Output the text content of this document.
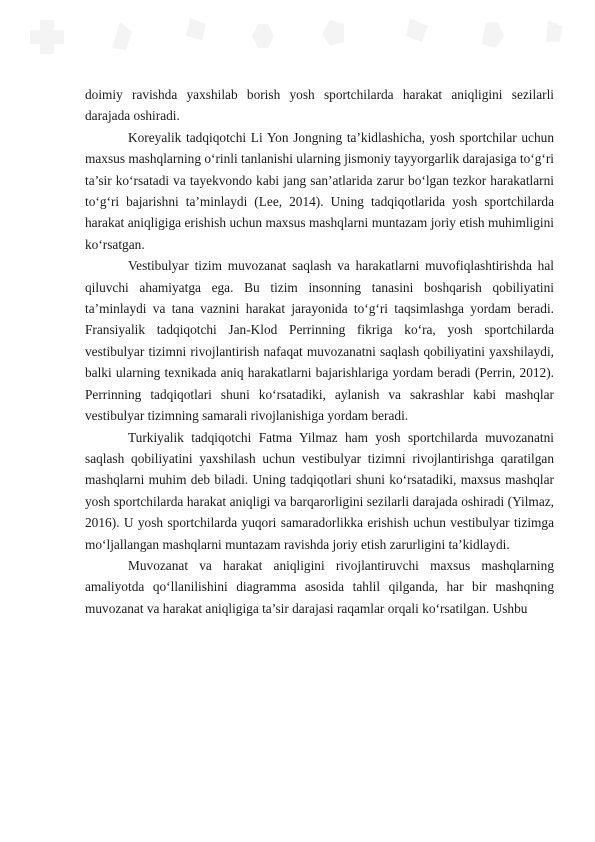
doimiy ravishda yaxshilab borish yosh sportchilarda harakat aniqligini sezilarli darajada oshiradi.

Koreyalik tadqiqotchi Li Yon Jongning ta’kidlashicha, yosh sportchilar uchun maxsus mashqlarning o‘rinli tanlanishi ularning jismoniy tayyorgarlik darajasiga to‘g‘ri ta’sir ko‘rsatadi va tayekvondo kabi jang san’atlarida zarur bo‘lgan tezkor harakatlarni to‘g‘ri bajarishni ta’minlaydi (Lee, 2014). Uning tadqiqotlarida yosh sportchilarda harakat aniqligiga erishish uchun maxsus mashqlarni muntazam joriy etish muhimligini ko‘rsatgan.

Vestibulyar tizim muvozanat saqlash va harakatlarni muvofiqlashtirishda hal qiluvchi ahamiyatga ega. Bu tizim insonning tanasini boshqarish qobiliyatini ta’minlaydi va tana vaznini harakat jarayonida to‘g‘ri taqsimlashga yordam beradi. Fransiyalik tadqiqotchi Jan-Klod Perrinning fikriga ko‘ra, yosh sportchilarda vestibulyar tizimni rivojlantirish nafaqat muvozanatni saqlash qobiliyatini yaxshilaydi, balki ularning texnikada aniq harakatlarni bajarishlariga yordam beradi (Perrin, 2012). Perrinning tadqiqotlari shuni ko‘rsatadiki, aylanish va sakrashlar kabi mashqlar vestibulyar tizimning samarali rivojlanishiga yordam beradi.

Turkiyalik tadqiqotchi Fatma Yilmaz ham yosh sportchilarda muvozanatni saqlash qobiliyatini yaxshilash uchun vestibulyar tizimni rivojlantirishga qaratilgan mashqlarni muhim deb biladi. Uning tadqiqotlari shuni ko‘rsatadiki, maxsus mashqlar yosh sportchilarda harakat aniqligi va barqarorligini sezilarli darajada oshiradi (Yilmaz, 2016). U yosh sportchilarda yuqori samaradorlikka erishish uchun vestibulyar tizimga mo‘ljallangan mashqlarni muntazam ravishda joriy etish zarurligini ta’kidlaydi.

Muvozanat va harakat aniqligini rivojlantiruvchi maxsus mashqlarning amaliyotda qo‘llanilishini diagramma asosida tahlil qilganda, har bir mashqning muvozanat va harakat aniqligiga ta’sir darajasi raqamlar orqali ko‘rsatilgan. Ushbu
